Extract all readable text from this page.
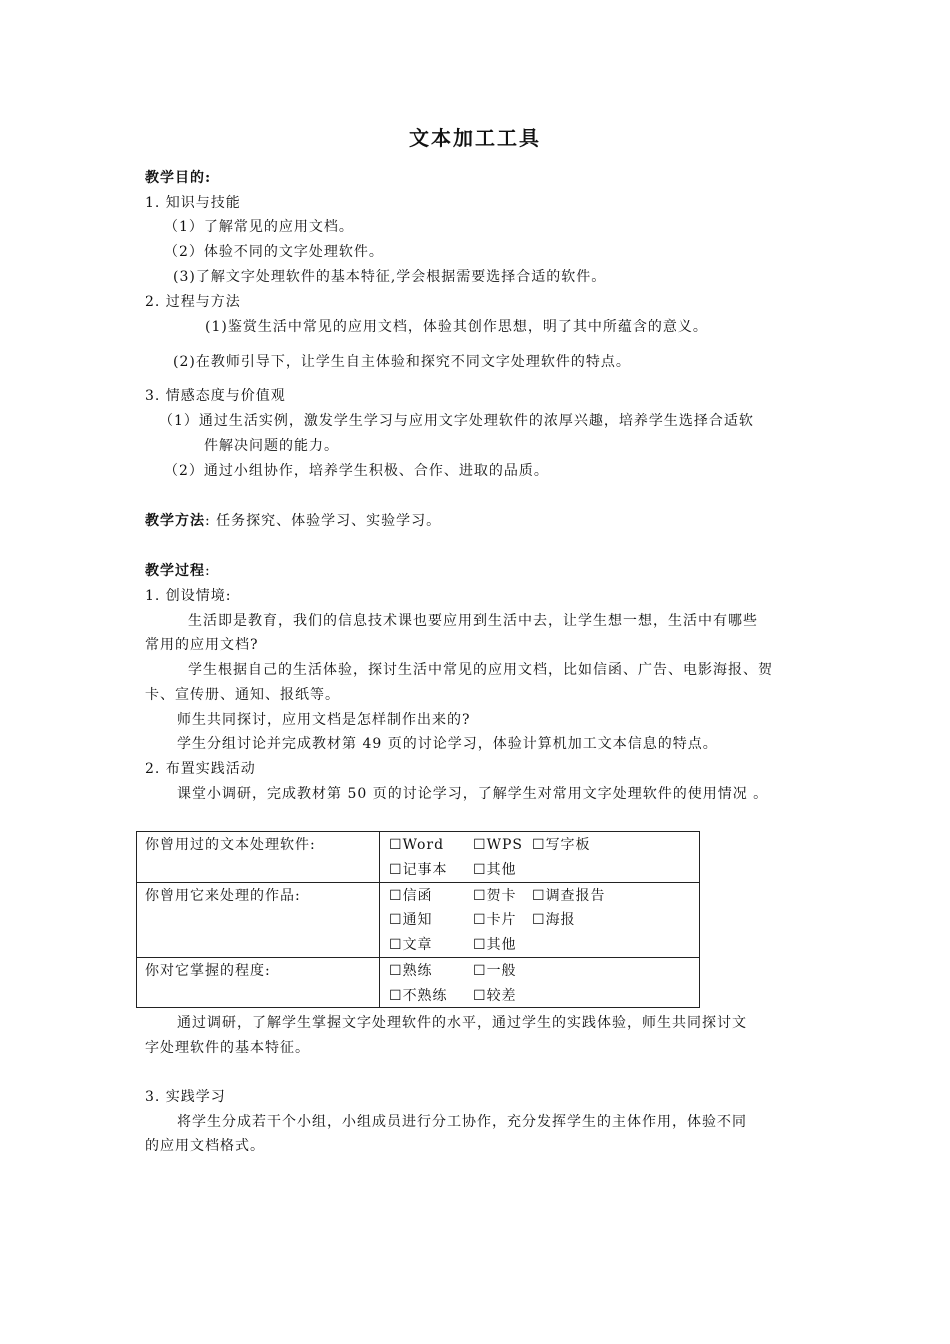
文本加工工具
教学目的:
1. 知识与技能
（1）了解常见的应用文档。
（2）体验不同的文字处理软件。
(3)了解文字处理软件的基本特征,学会根据需要选择合适的软件。
2. 过程与方法
(1)鉴赏生活中常见的应用文档，体验其创作思想，明了其中所蕴含的意义。
(2)在教师引导下，让学生自主体验和探究不同文字处理软件的特点。
3. 情感态度与价值观
（1）通过生活实例，激发学生学习与应用文字处理软件的浓厚兴趣，培养学生选择合适软
件解决问题的能力。
（2）通过小组协作，培养学生积极、合作、进取的品质。
教学方法: 任务探究、体验学习、实验学习。
教学过程:
1. 创设情境:
生活即是教育，我们的信息技术课也要应用到生活中去，让学生想一想，生活中有哪些
常用的应用文档?
学生根据自己的生活体验，探讨生活中常见的应用文档，比如信函、广告、电影海报、贺
卡、宣传册、通知、报纸等。
师生共同探讨，应用文档是怎样制作出来的?
学生分组讨论并完成教材第 49 页的讨论学习，体验计算机加工文本信息的特点。
2. 布置实践活动
课堂小调研，完成教材第 50 页的讨论学习，了解学生对常用文字处理软件的使用情况 。
你曾用过的文本处理软件:	☐ Word	☐ WPS	☐ 写字板
☐ 记事本	☐ 其他
你曾用它来处理的作品:	☐ 信函	☐ 贺卡	☐ 调查报告
☐ 通知	☐ 卡片	☐ 海报
☐ 文章	☐ 其他
你对它掌握的程度:	☐ 熟练	☐ 一般
☐ 不熟练	☐ 较差
通过调研，了解学生掌握文字处理软件的水平，通过学生的实践体验，师生共同探讨文
字处理软件的基本特征。
3. 实践学习
将学生分成若干个小组，小组成员进行分工协作，充分发挥学生的主体作用，体验不同
的应用文档格式。
